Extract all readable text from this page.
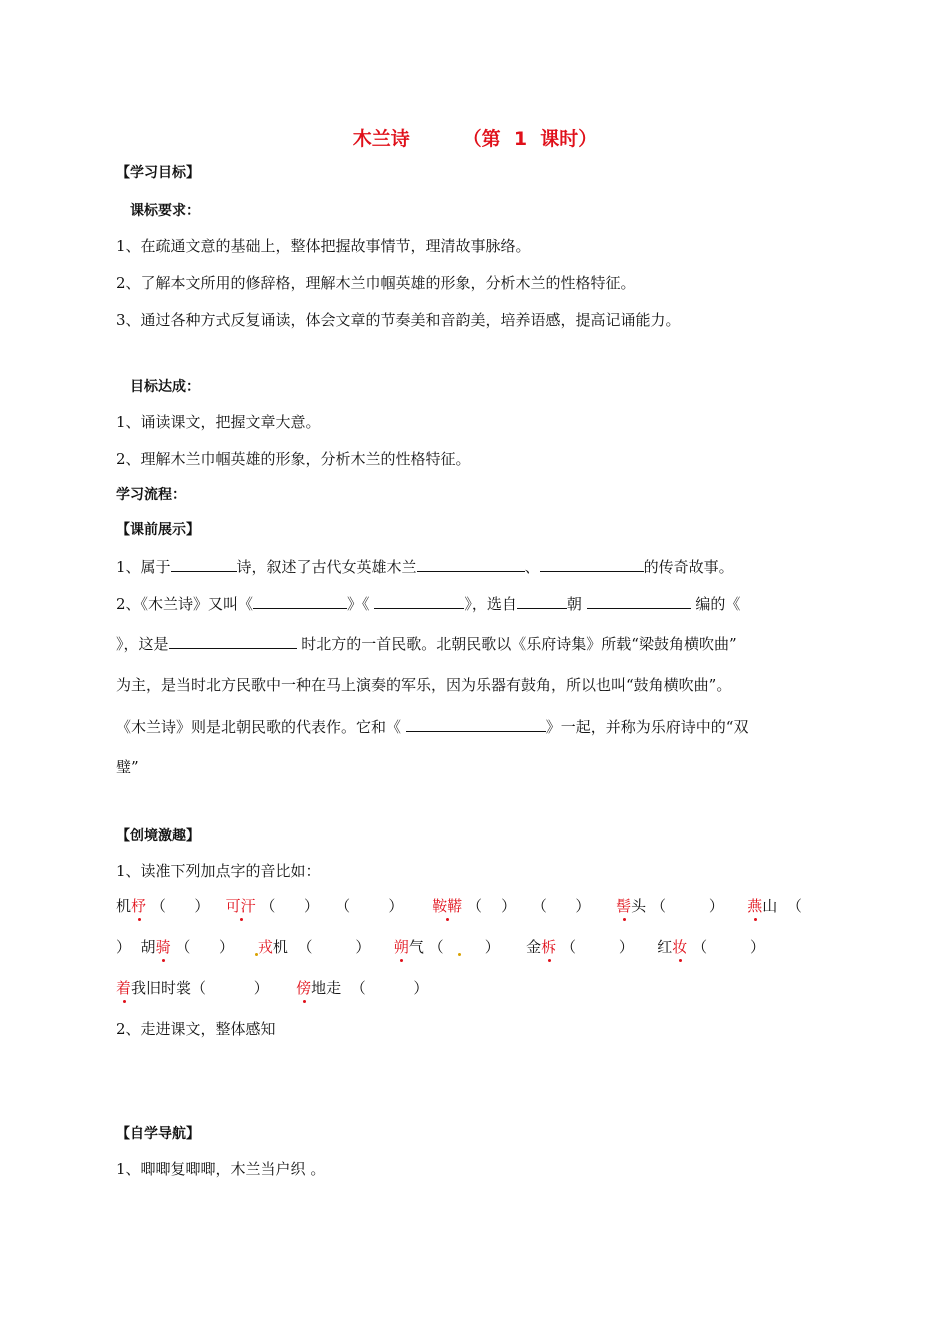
木兰诗        （第  1  课时）
【学习目标】
课标要求：
1、在疏通文意的基础上，整体把握故事情节，理清故事脉络。
2、了解本文所用的修辞格，理解木兰巾帼英雄的形象，分析木兰的性格特征。
3、通过各种方式反复诵读，体会文章的节奏美和音韵美，培养语感，提高记诵能力。
目标达成：
1、诵读课文，把握文章大意。
2、理解木兰巾帼英雄的形象，分析木兰的性格特征。
学习流程：
【课前展示】
1、属于	诗，叙述了古代女英雄木兰	、	的传奇故事。
2、《木兰诗》又叫《	》《	》，选自	朝	编的《
》，这是	时北方的一首民歌。北朝民歌以《乐府诗集》所载“梁鼓角横吹曲”
为主，是当时北方民歌中一种在马上演奏的军乐，因为乐器有鼓角，所以也叫“鼓角横吹曲”。
《木兰诗》则是北朝民歌的代表作。它和《	》一起，并称为乐府诗中的“双
璧”
【创境激趣】
1、读准下列加点字的音比如：
机杼 （      ） 可汗 （      ） （        ） 鞍鞯 （    ） （      ） 髻头 （         ） 燕山  （
）  胡骑 （      ） 戎机 （         ） 朔气 （        ） 金柝 （         ） 红妆 （         ）
着我旧时裳（          ） 傍地走 （          ）
2、走进课文，整体感知
【自学导航】
1、唧唧复唧唧，木兰当户织 。
